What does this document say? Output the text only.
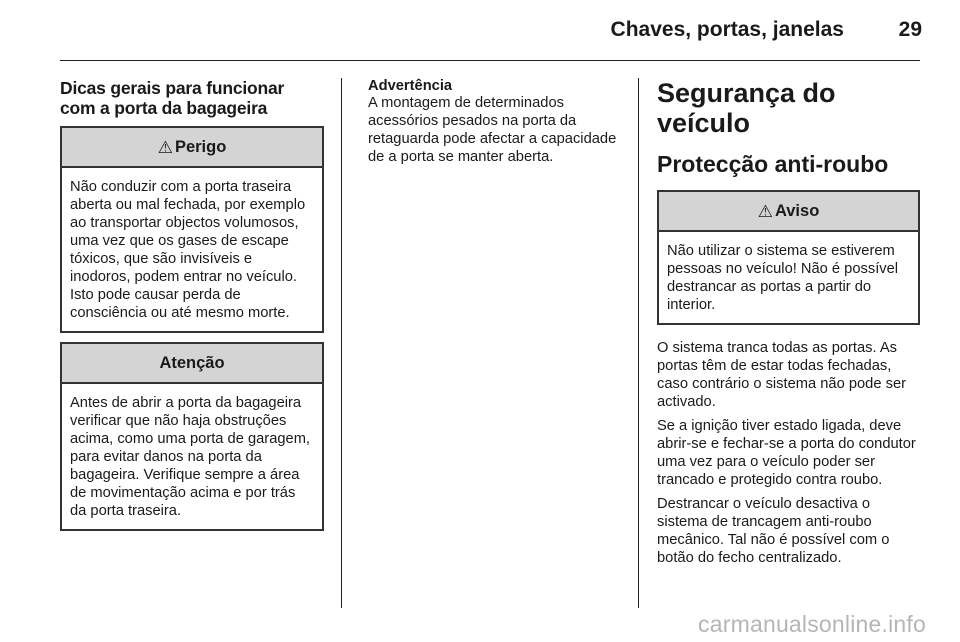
Chaves, portas, janelas	29
Dicas gerais para funcionar com a porta da bagageira
⚠ Perigo
Não conduzir com a porta traseira aberta ou mal fechada, por exemplo ao transportar objectos volumosos, uma vez que os gases de escape tóxicos, que são invisíveis e inodoros, podem entrar no veículo. Isto pode causar perda de consciência ou até mesmo morte.
Atenção
Antes de abrir a porta da bagageira verificar que não haja obstruções acima, como uma porta de garagem, para evitar danos na porta da bagageira. Verifique sempre a área de movimentação acima e por trás da porta traseira.
Advertência
A montagem de determinados acessórios pesados na porta da retaguarda pode afectar a capacidade de a porta se manter aberta.
Segurança do veículo
Protecção anti-roubo
⚠ Aviso
Não utilizar o sistema se estiverem pessoas no veículo! Não é possível destrancar as portas a partir do interior.

O sistema tranca todas as portas. As portas têm de estar todas fechadas, caso contrário o sistema não pode ser activado.

Se a ignição tiver estado ligada, deve abrir-se e fechar-se a porta do condutor uma vez para o veículo poder ser trancado e protegido contra roubo.

Destrancar o veículo desactiva o sistema de trancagem anti-roubo mecânico. Tal não é possível com o botão do fecho centralizado.

carmanualsonline.info
